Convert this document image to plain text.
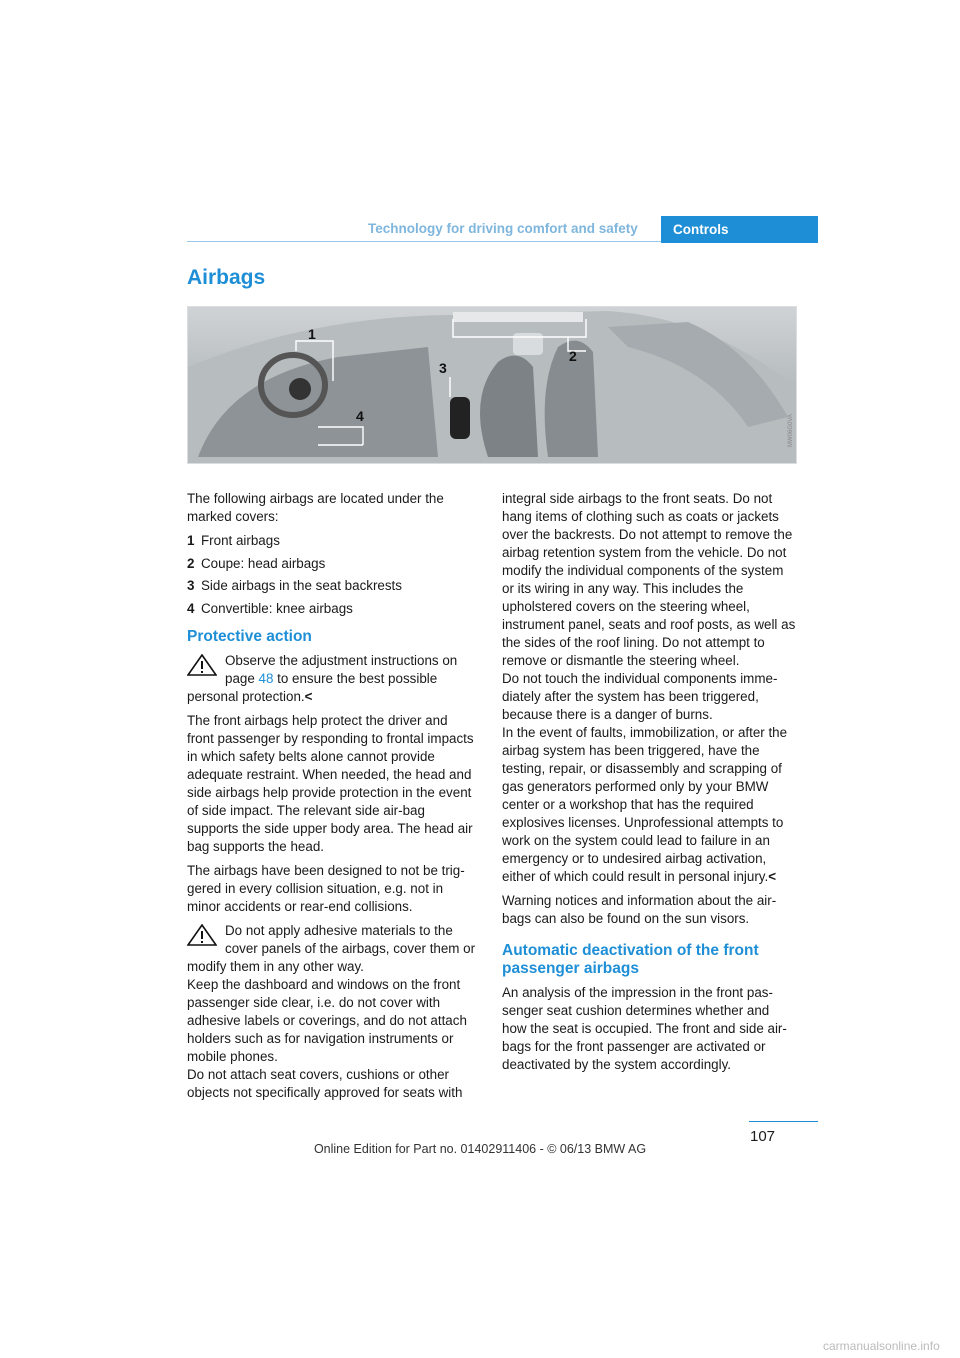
Technology for driving comfort and safety	Controls
Airbags
1
2
3
4	MW06G0VA

The following airbags are located under the marked covers:

1 Front airbags
2 Coupe: head airbags
3 Side airbags in the seat backrests
4 Convertible: knee airbags
Protective action

Observe the adjustment instructions on page 48 to ensure the best possible personal protection.<

The front airbags help protect the driver and front passenger by responding to frontal impacts in which safety belts alone cannot provide adequate restraint. When needed, the head and side airbags help provide protection in the event of side impact. The relevant side air-bag supports the side upper body area. The head air bag supports the head.

The airbags have been designed to not be trig-gered in every collision situation, e.g. not in minor accidents or rear-end collisions.

Do not apply adhesive materials to the cover panels of the airbags, cover them or modify them in any other way.

Keep the dashboard and windows on the front passenger side clear, i.e. do not cover with adhesive labels or coverings, and do not attach holders such as for navigation instruments or mobile phones.

Do not attach seat covers, cushions or other objects not specifically approved for seats with

integral side airbags to the front seats. Do not hang items of clothing such as coats or jackets over the backrests. Do not attempt to remove the airbag retention system from the vehicle. Do not modify the individual components of the system or its wiring in any way. This includes the upholstered covers on the steering wheel, instrument panel, seats and roof posts, as well as the sides of the roof lining. Do not attempt to remove or dismantle the steering wheel.

Do not touch the individual components imme-diately after the system has been triggered, because there is a danger of burns.

In the event of faults, immobilization, or after the airbag system has been triggered, have the testing, repair, or disassembly and scrapping of gas generators performed only by your BMW center or a workshop that has the required explosives licenses. Unprofessional attempts to work on the system could lead to failure in an emergency or to undesired airbag activation, either of which could result in personal injury.<

Warning notices and information about the air-bags can also be found on the sun visors.

Automatic deactivation of the front passenger airbags

An analysis of the impression in the front pas-senger seat cushion determines whether and how the seat is occupied. The front and side air-bags for the front passenger are activated or deactivated by the system accordingly.

107
Online Edition for Part no. 01402911406 - © 06/13 BMW AG
carmanualsonline.info
